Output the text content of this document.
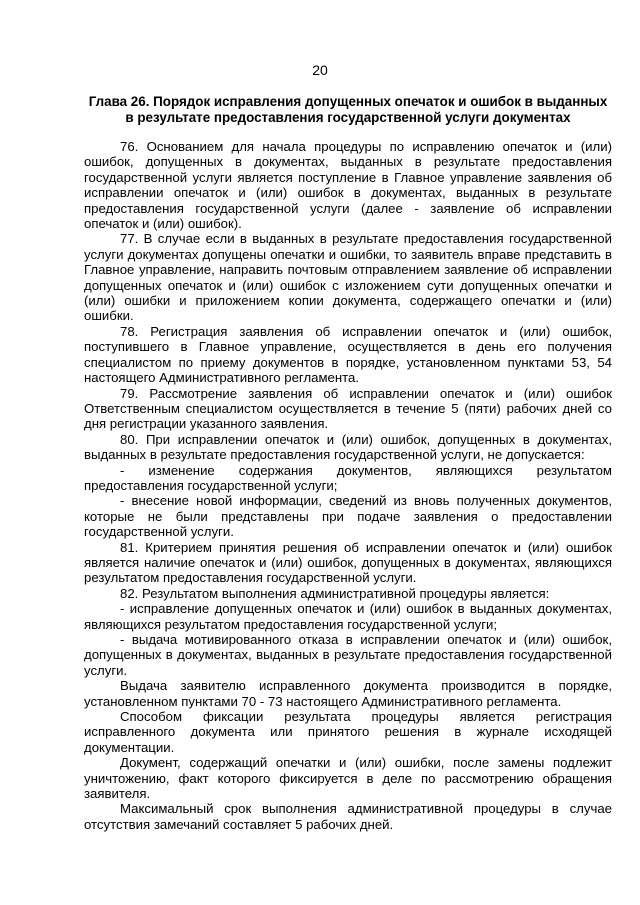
20
Глава 26. Порядок исправления допущенных опечаток и ошибок в выданных в результате предоставления государственной услуги документах

76. Основанием для начала процедуры по исправлению опечаток и (или) ошибок, допущенных в документах, выданных в результате предоставления государственной услуги является поступление в Главное управление заявления об исправлении опечаток и (или) ошибок в документах, выданных в результате предоставления государственной услуги (далее - заявление об исправлении опечаток и (или) ошибок).

77. В случае если в выданных в результате предоставления государственной услуги документах допущены опечатки и ошибки, то заявитель вправе представить в Главное управление, направить почтовым отправлением заявление об исправлении допущенных опечаток и (или) ошибок с изложением сути допущенных опечатки и (или) ошибки и приложением копии документа, содержащего опечатки и (или) ошибки.

78. Регистрация заявления об исправлении опечаток и (или) ошибок, поступившего в Главное управление, осуществляется в день его получения специалистом по приему документов в порядке, установленном пунктами 53, 54 настоящего Административного регламента.

79. Рассмотрение заявления об исправлении опечаток и (или) ошибок Ответственным специалистом осуществляется в течение 5 (пяти) рабочих дней со дня регистрации указанного заявления.

80. При исправлении опечаток и (или) ошибок, допущенных в документах, выданных в результате предоставления государственной услуги, не допускается:

- изменение содержания документов, являющихся результатом предоставления государственной услуги;

- внесение новой информации, сведений из вновь полученных документов, которые не были представлены при подаче заявления о предоставлении государственной услуги.

81. Критерием принятия решения об исправлении опечаток и (или) ошибок является наличие опечаток и (или) ошибок, допущенных в документах, являющихся результатом предоставления государственной услуги.

82. Результатом выполнения административной процедуры является:

- исправление допущенных опечаток и (или) ошибок в выданных документах, являющихся результатом предоставления государственной услуги;

- выдача мотивированного отказа в исправлении опечаток и (или) ошибок, допущенных в документах, выданных в результате предоставления государственной услуги.

Выдача заявителю исправленного документа производится в порядке, установленном пунктами 70 - 73 настоящего Административного регламента.

Способом фиксации результата процедуры является регистрация исправленного документа или принятого решения в журнале исходящей документации.

Документ, содержащий опечатки и (или) ошибки, после замены подлежит уничтожению, факт которого фиксируется в деле по рассмотрению обращения заявителя.

Максимальный срок выполнения административной процедуры в случае отсутствия замечаний составляет 5 рабочих дней.
